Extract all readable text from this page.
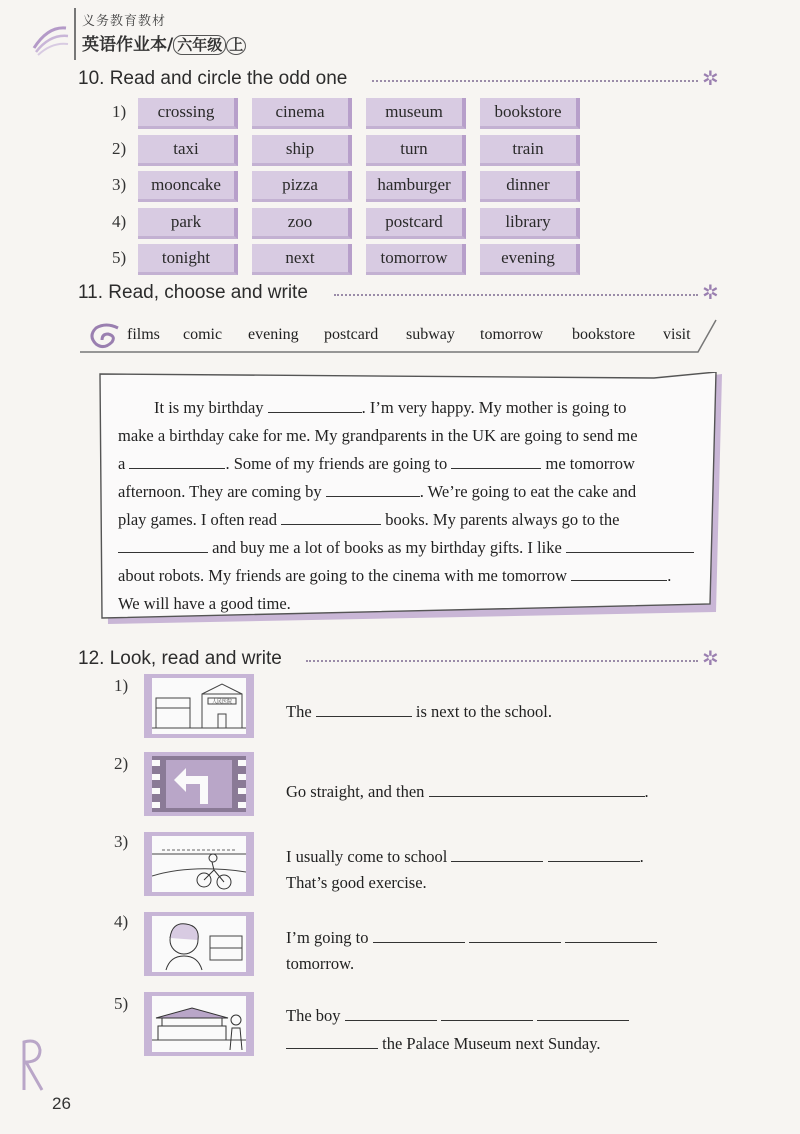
义务教育教材
英语作业本/ 六年级 上
10. Read and circle the odd one	✲
1)	crossing	cinema	museum	bookstore
2)	taxi	ship	turn	train
3)	mooncake	pizza	hamburger	dinner
4)	park	zoo	postcard	library
5)	tonight	next	tomorrow	evening
11. Read, choose and write	✲
films comic evening postcard subway tomorrow bookstore visit
It is my birthday	. I’m very happy. My mother is going to
make a birthday cake for me. My grandparents in the UK are going to send me
a	. Some of my friends are going to	me tomorrow
afternoon. They are coming by	. We’re going to eat the cake and
play games. I often read	books. My parents always go to the
and buy me a lot of books as my birthday gifts. I like
about robots. My friends are going to the cinema with me tomorrow	.
We will have a good time.
12. Look, read and write	✲
1)
人民医院	The	is next to the school.
2)
Go straight, and then	.
3)
I usually come to school	.
That’s good exercise.
4)
I’m going to
tomorrow.
5)
The boy
the Palace Museum next Sunday.
26
